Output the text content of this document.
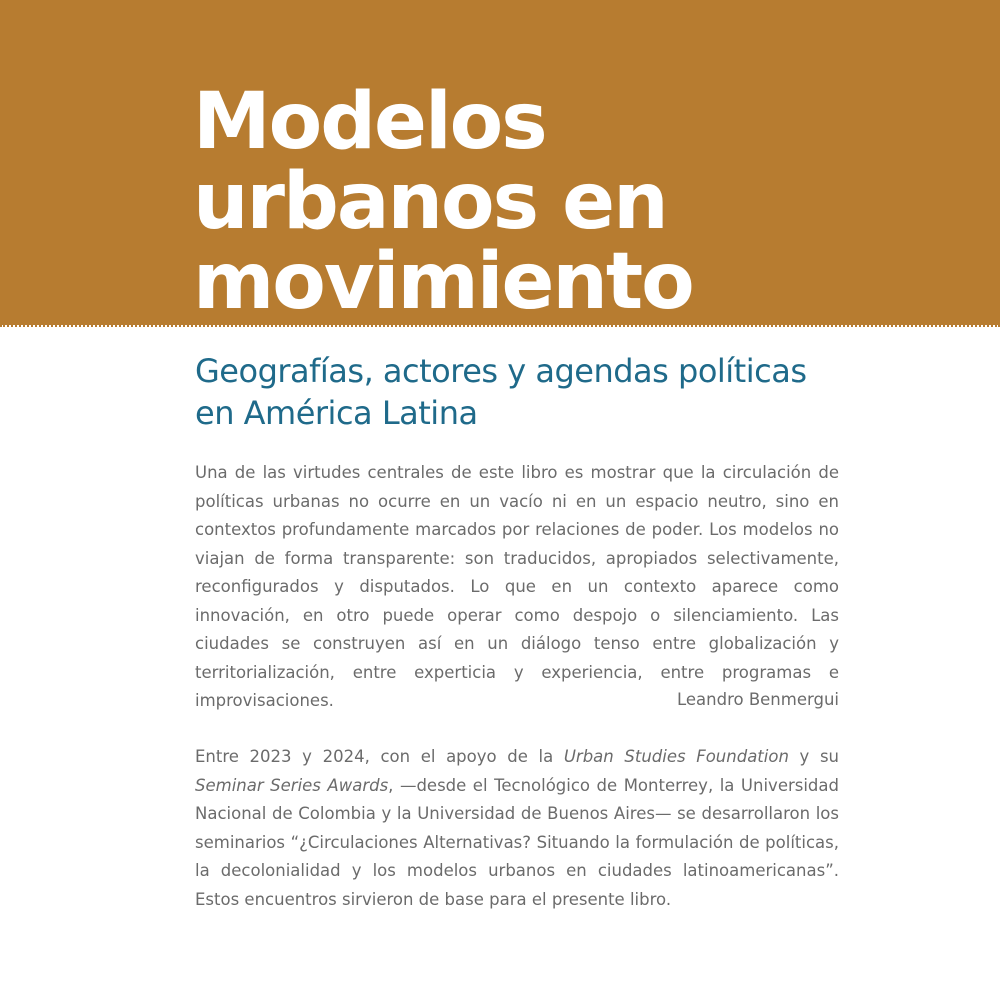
Modelos
urbanos en
movimiento
Geografías, actores y agendas políticas
en América Latina

Una de las virtudes centrales de este libro es mostrar que la circulación de políticas urbanas no ocurre en un vacío ni en un espacio neutro, sino en contextos profundamente marcados por relaciones de poder. Los modelos no viajan de forma transparente: son traducidos, apropiados selectivamente, reconfigurados y disputados. Lo que en un contexto aparece como innovación, en otro puede operar como despojo o silenciamiento. Las ciudades se construyen así en un diálogo tenso entre globalización y territorialización, entre experticia y experiencia, entre programas e improvisaciones.	Leandro Benmergui

Entre 2023 y 2024, con el apoyo de la Urban Studies Foundation y su Seminar Series Awards, —desde el Tecnológico de Monterrey, la Universidad Nacional de Colombia y la Universidad de Buenos Aires— se desarrollaron los seminarios “¿Circulaciones Alternativas? Situando la formulación de políticas, la decolonialidad y los modelos urbanos en ciudades latinoamericanas”. Estos encuentros sirvieron de base para el presente libro.
